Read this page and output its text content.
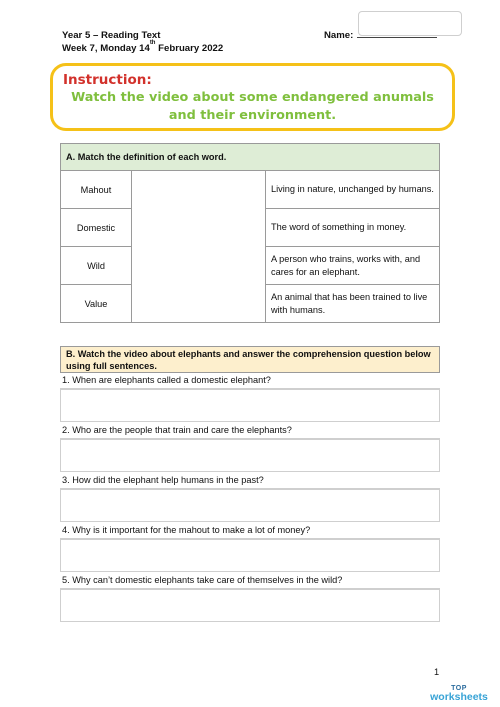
Year 5 – Reading Text	Name:
Week 7, Monday 14th February 2022
Instruction:
Watch the video about some endangered anumals
and their environment.
A. Match the definition of each word.		
Mahout		Living in nature, unchanged by humans.
Domestic		The word of something in money.
Wild		A person who trains, works with, and cares for an elephant.
Value		An animal that has been trained to live with humans.
B. Watch the video about elephants and answer the comprehension question below using full sentences.
1. When are elephants called a domestic elephant?
2. Who are the people that train and care the elephants?
3. How did the elephant help humans in the past?
4. Why is it important for the mahout to make a lot of money?
5. Why can’t domestic elephants take care of themselves in the wild?
1
TOP
worksheets
